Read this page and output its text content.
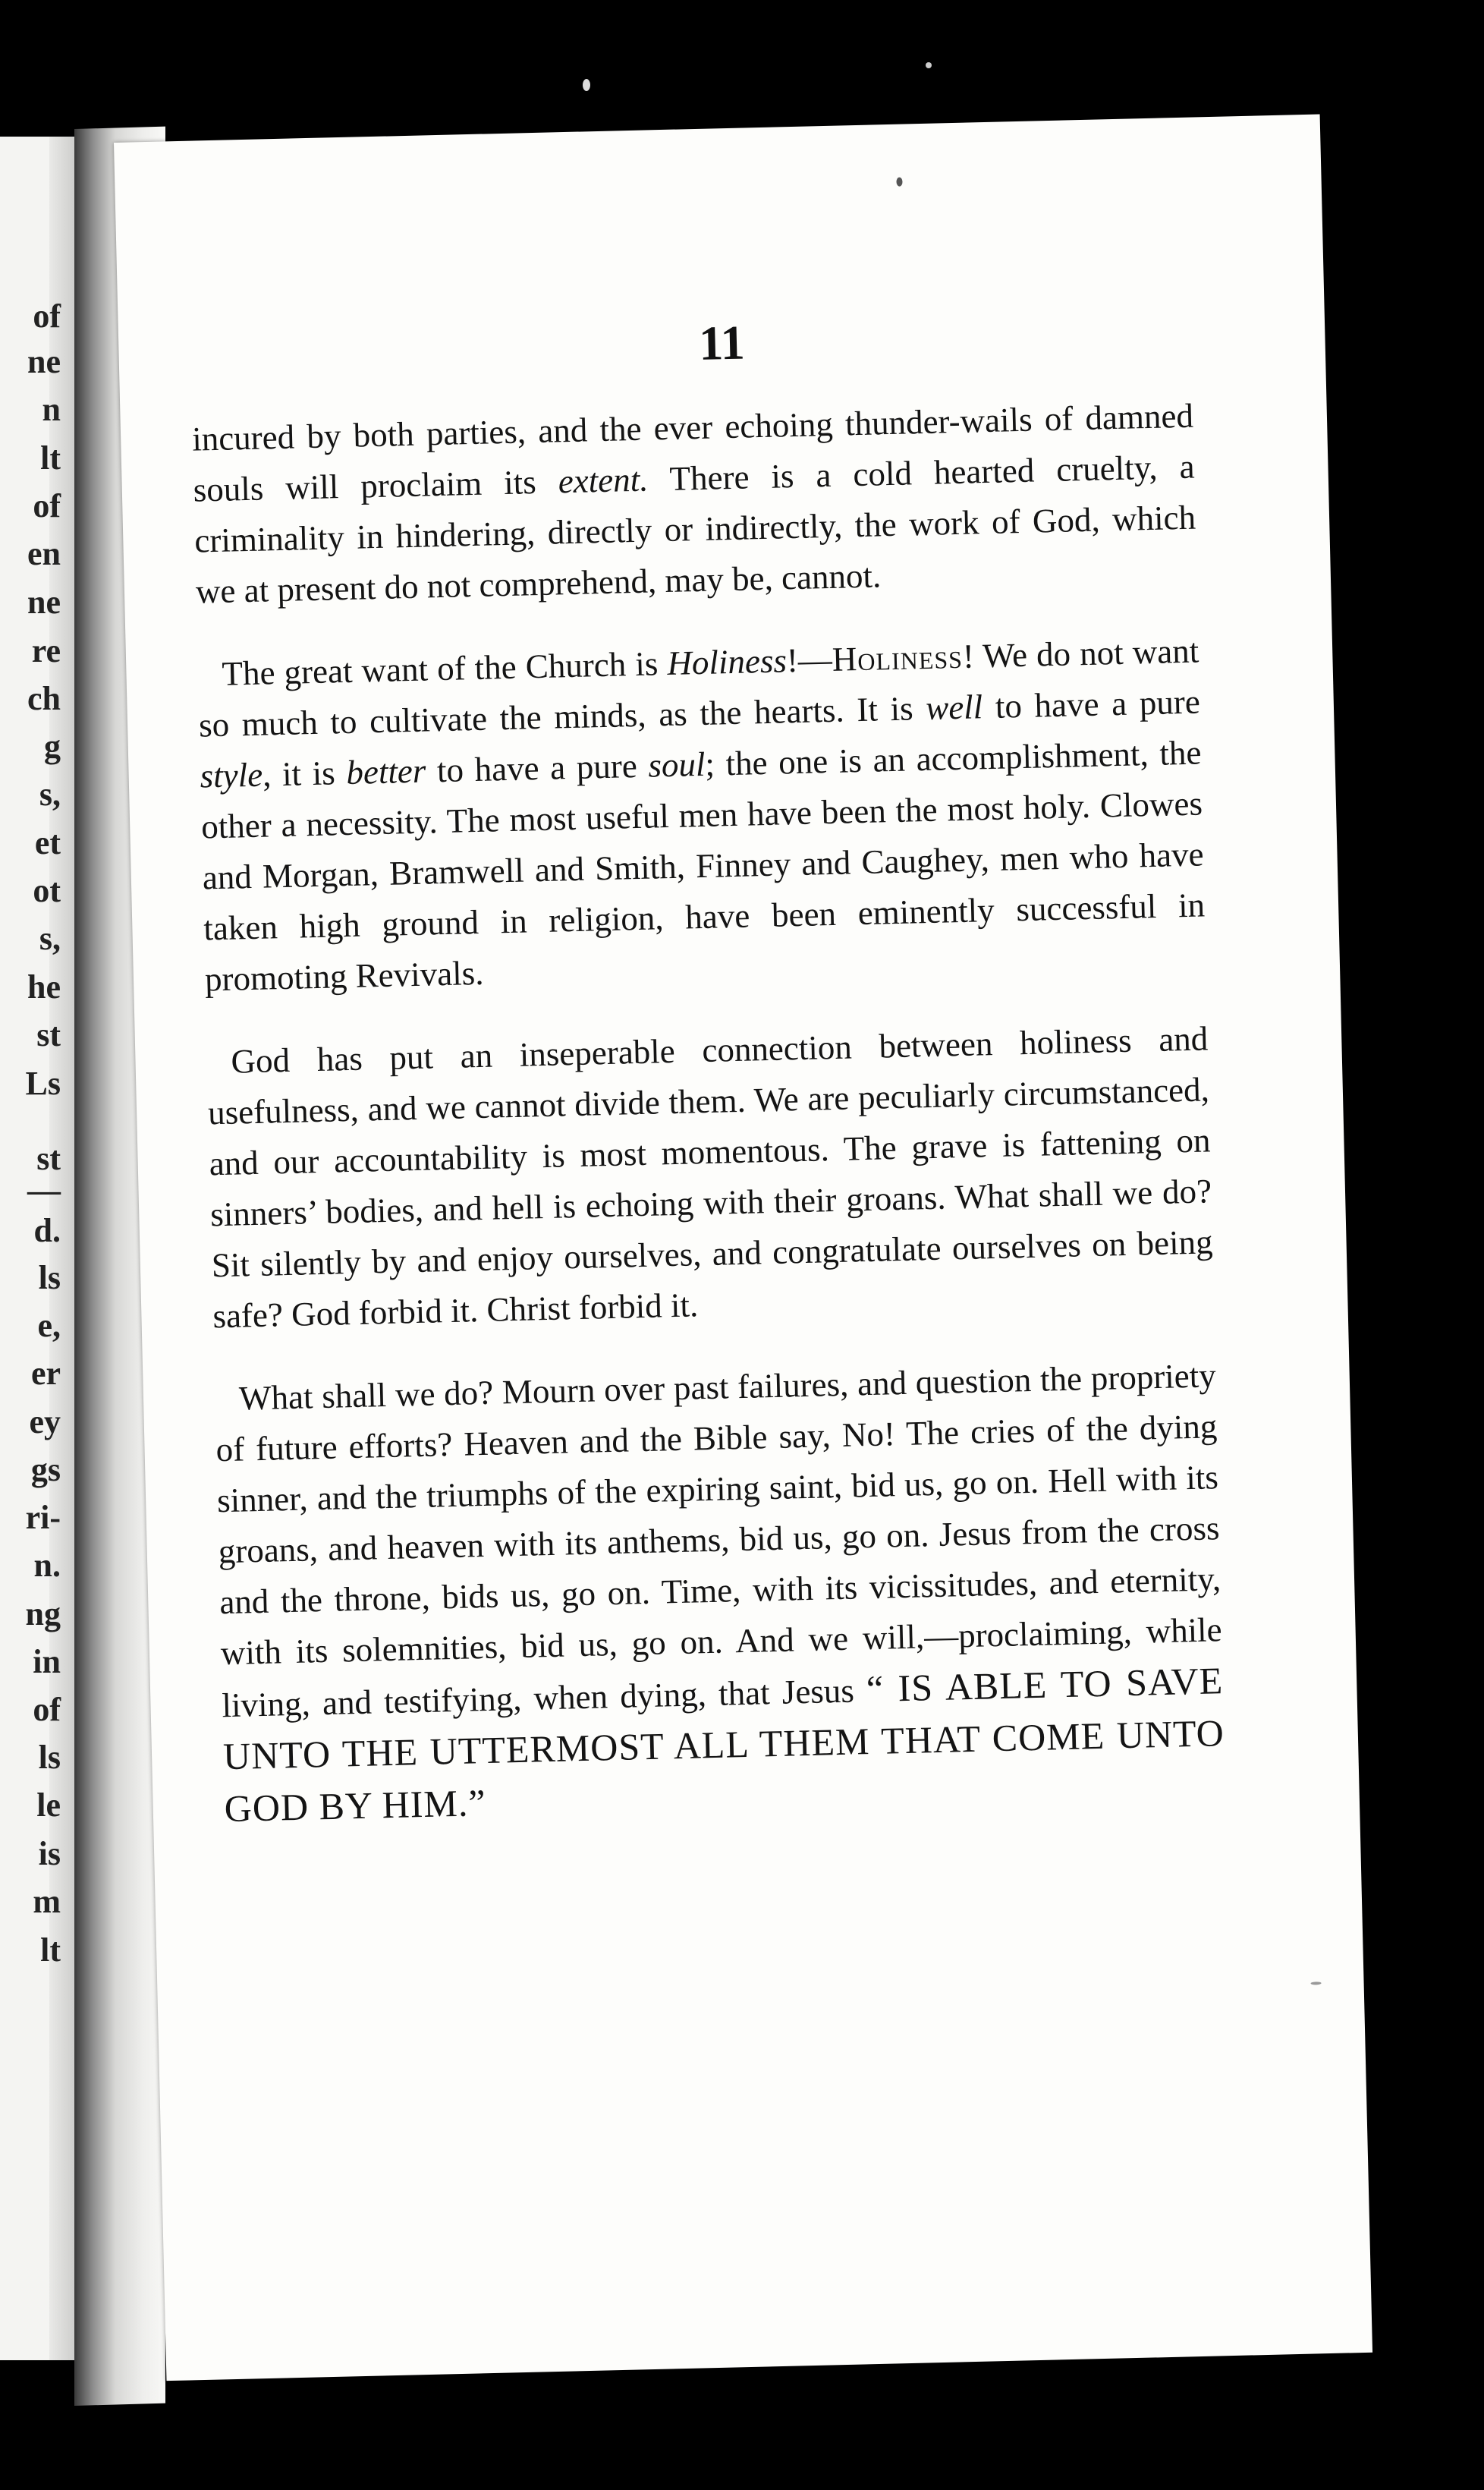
of
ne
n
lt
of
en
ne
re
ch
g
s,
et
ot
s,
he
st
Ls
st
—
d.
ls
e,
er
ey
gs
ri-
n.
ng
in
of
ls
le
is
m
lt
11

incured by both parties, and the ever echoing thunder-wails of damned souls will proclaim its extent. There is a cold hearted cruelty, a criminality in hindering, directly or indirectly, the work of God, which we at present do not comprehend, may be, cannot.

The great want of the Church is Holiness!—Holiness! We do not want so much to cultivate the minds, as the hearts. It is well to have a pure style, it is better to have a pure soul; the one is an accomplishment, the other a necessity. The most useful men have been the most holy. Clowes and Morgan, Bramwell and Smith, Finney and Caughey, men who have taken high ground in religion, have been eminently successful in promoting Revivals.

God has put an inseperable connection between holiness and usefulness, and we cannot divide them. We are peculiarly circumstanced, and our accountability is most momentous. The grave is fattening on sinners’ bodies, and hell is echoing with their groans. What shall we do? Sit silently by and enjoy ourselves, and congratulate ourselves on being safe? God forbid it. Christ forbid it.

What shall we do? Mourn over past failures, and question the propriety of future efforts? Heaven and the Bible say, No! The cries of the dying sinner, and the triumphs of the expiring saint, bid us, go on. Hell with its groans, and heaven with its anthems, bid us, go on. Jesus from the cross and the throne, bids us, go on. Time, with its vicissitudes, and eternity, with its solemnities, bid us, go on. And we will,—proclaiming, while living, and testifying, when dying, that Jesus “ IS ABLE TO SAVE UNTO THE UTTERMOST ALL THEM THAT COME UNTO GOD BY HIM.”
